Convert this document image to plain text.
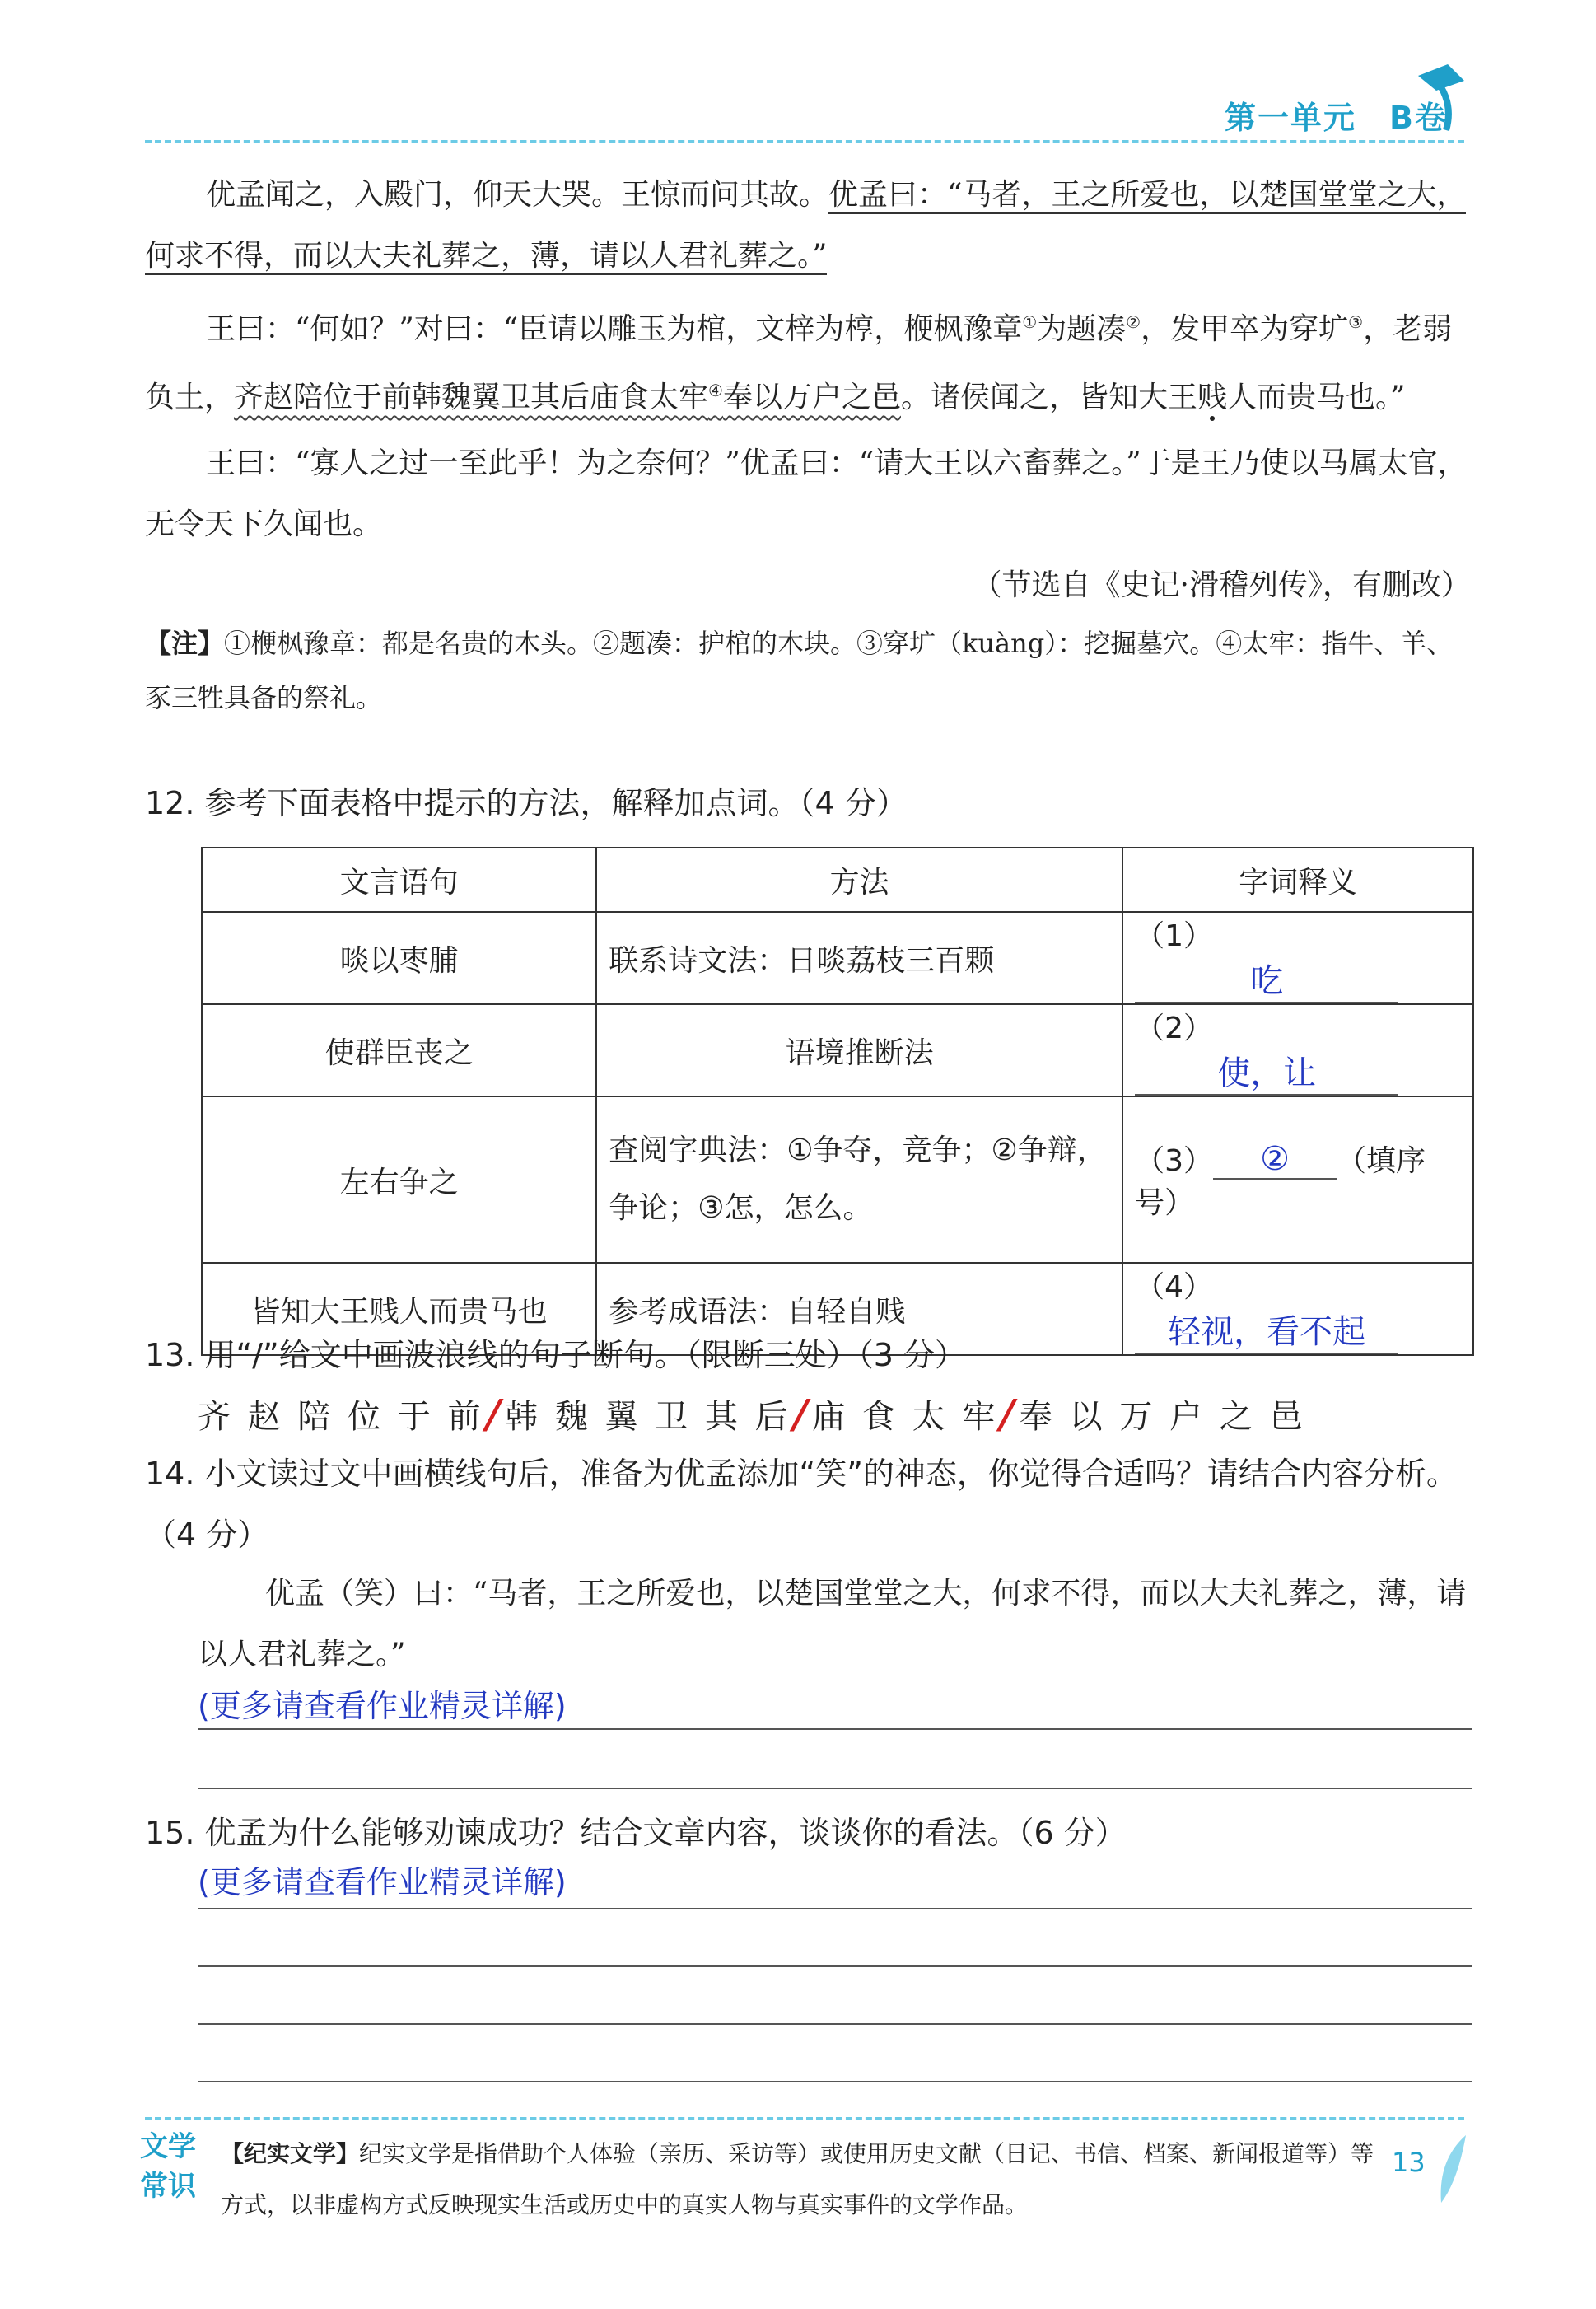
第一单元　B卷
优孟闻之，入殿门，仰天大哭。王惊而问其故。优孟曰：“马者，王之所爱也，以楚国堂堂之大，何求不得，而以大夫礼葬之，薄，请以人君礼葬之。”
王曰：“何如？”对曰：“臣请以雕玉为棺，文梓为椁，楩枫豫章①为题凑②，发甲卒为穿圹③，老弱负土，齐赵陪位于前韩魏翼卫其后庙食太牢④奉以万户之邑。诸侯闻之，皆知大王贱人而贵马也。”
王曰：“寡人之过一至此乎！为之奈何？”优孟曰：“请大王以六畜葬之。”于是王乃使以马属太官，无令天下久闻也。
（节选自《史记·滑稽列传》，有删改）
【注】①楩枫豫章：都是名贵的木头。②题凑：护棺的木块。③穿圹（kuàng）：挖掘墓穴。④太牢：指牛、羊、豕三牲具备的祭礼。
12. 参考下面表格中提示的方法，解释加点词。（4 分）
文言语句	方法	字词释义
啖以枣脯	联系诗文法：日啖荔枝三百颗	（1）吃
使群臣丧之	语境推断法	（2）使，让
左右争之	查阅字典法：①争夺，竞争；②争辩，争论；③怎，怎么。	（3） ② （填序号）
皆知大王贱人而贵马也	参考成语法：自轻自贱	（4）轻视，看不起
13. 用“/”给文中画波浪线的句子断句。（限断三处）（3 分）
齐 赵 陪 位 于 前/韩 魏 翼 卫 其 后/庙 食 太 牢/奉 以 万 户 之 邑
14. 小文读过文中画横线句后，准备为优孟添加“笑”的神态，你觉得合适吗？请结合内容分析。（4 分）
优孟（笑）曰：“马者，王之所爱也，以楚国堂堂之大，何求不得，而以大夫礼葬之，薄，请以人君礼葬之。”
(更多请查看作业精灵详解)
15. 优孟为什么能够劝谏成功？结合文章内容，谈谈你的看法。（6 分）
(更多请查看作业精灵详解)
文学常识
【纪实文学】纪实文学是指借助个人体验（亲历、采访等）或使用历史文献（日记、书信、档案、新闻报道等）等方式，以非虚构方式反映现实生活或历史中的真实人物与真实事件的文学作品。
13
